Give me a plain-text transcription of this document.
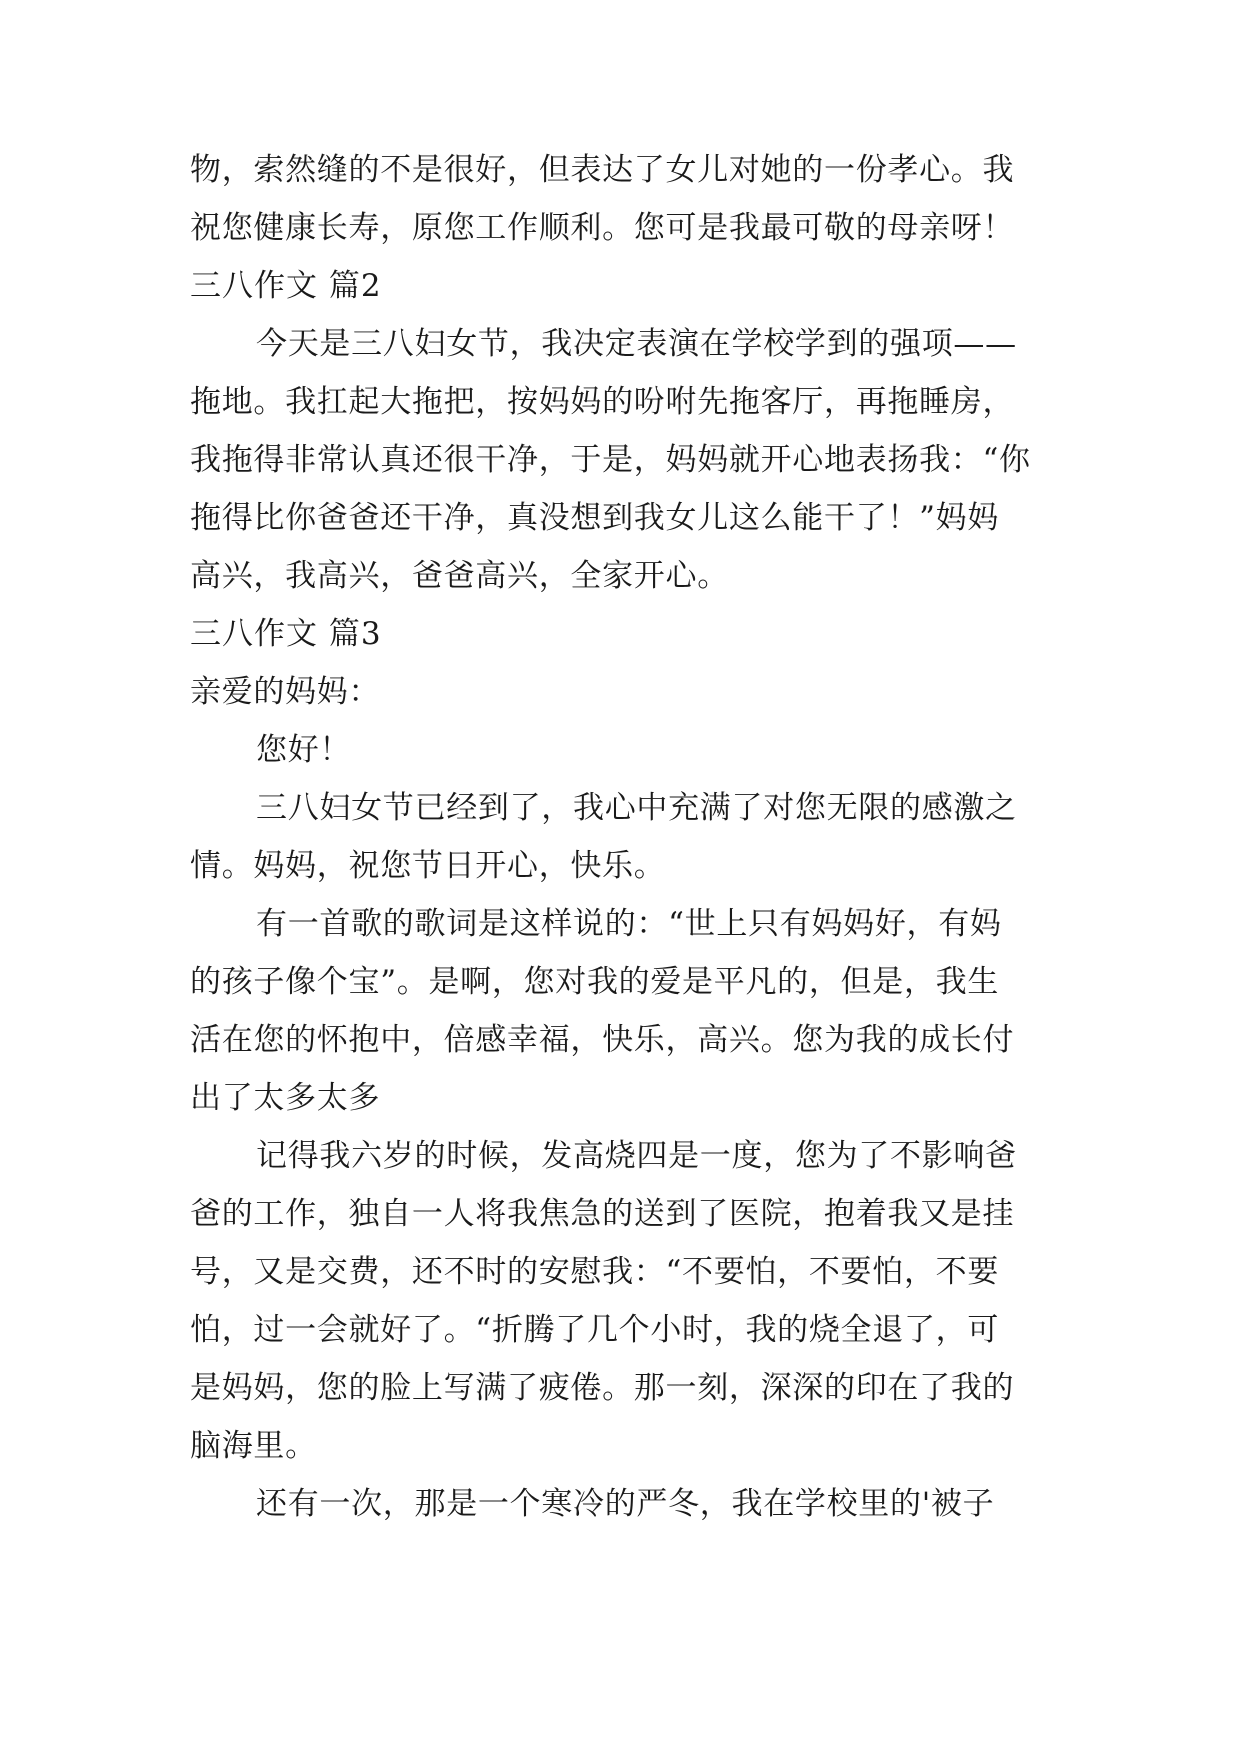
物，索然缝的不是很好，但表达了女儿对她的一份孝心。我
祝您健康长寿，原您工作顺利。您可是我最可敬的母亲呀！
三八作文 篇2
今天是三八妇女节，我决定表演在学校学到的强项——
拖地。我扛起大拖把，按妈妈的吩咐先拖客厅，再拖睡房，
我拖得非常认真还很干净，于是，妈妈就开心地表扬我：“你
拖得比你爸爸还干净，真没想到我女儿这么能干了！”妈妈
高兴，我高兴，爸爸高兴，全家开心。
三八作文 篇3
亲爱的妈妈：
您好！
三八妇女节已经到了，我心中充满了对您无限的感激之
情。妈妈，祝您节日开心，快乐。
有一首歌的歌词是这样说的：“世上只有妈妈好，有妈
的孩子像个宝”。是啊，您对我的爱是平凡的，但是，我生
活在您的怀抱中，倍感幸福，快乐，高兴。您为我的成长付
出了太多太多
记得我六岁的时候，发高烧四是一度，您为了不影响爸
爸的工作，独自一人将我焦急的送到了医院，抱着我又是挂
号，又是交费，还不时的安慰我：“不要怕，不要怕，不要
怕，过一会就好了。“折腾了几个小时，我的烧全退了，可
是妈妈，您的脸上写满了疲倦。那一刻，深深的印在了我的
脑海里。
还有一次，那是一个寒冷的严冬，我在学校里的'被子
